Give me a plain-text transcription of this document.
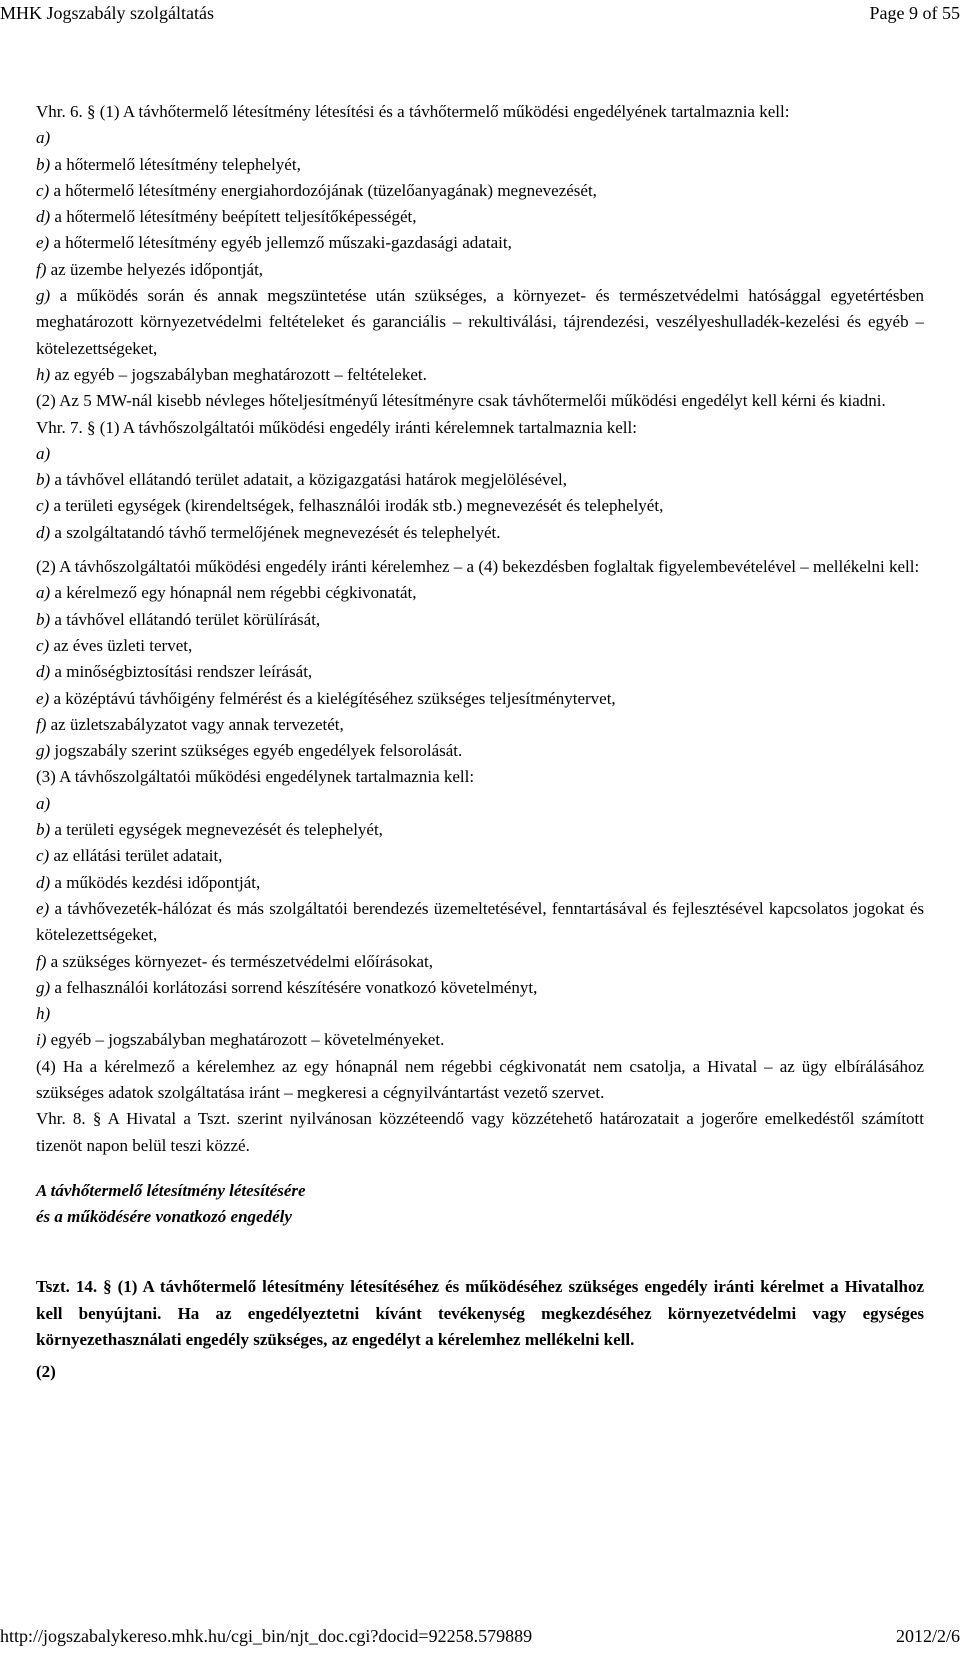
MHK Jogszabály szolgáltatás	Page 9 of 55

Vhr. 6. § (1) A távhőtermelő létesítmény létesítési és a távhőtermelő működési engedélyének tartalmaznia kell:

a)

b) a hőtermelő létesítmény telephelyét,

c) a hőtermelő létesítmény energiahordozójának (tüzelőanyagának) megnevezését,

d) a hőtermelő létesítmény beépített teljesítőképességét,

e) a hőtermelő létesítmény egyéb jellemző műszaki-gazdasági adatait,

f) az üzembe helyezés időpontját,

g) a működés során és annak megszüntetése után szükséges, a környezet- és természetvédelmi hatósággal egyetértésben meghatározott környezetvédelmi feltételeket és garanciális – rekultiválási, tájrendezési, veszélyeshulladék-kezelési és egyéb – kötelezettségeket,

h) az egyéb – jogszabályban meghatározott – feltételeket.

(2) Az 5 MW-nál kisebb névleges hőteljesítményű létesítményre csak távhőtermelői működési engedélyt kell kérni és kiadni.

Vhr. 7. § (1) A távhőszolgáltatói működési engedély iránti kérelemnek tartalmaznia kell:

a)

b) a távhővel ellátandó terület adatait, a közigazgatási határok megjelölésével,

c) a területi egységek (kirendeltségek, felhasználói irodák stb.) megnevezését és telephelyét,

d) a szolgáltatandó távhő termelőjének megnevezését és telephelyét.

(2) A távhőszolgáltatói működési engedély iránti kérelemhez – a (4) bekezdésben foglaltak figyelembevételével – mellékelni kell:

a) a kérelmező egy hónapnál nem régebbi cégkivonatát,

b) a távhővel ellátandó terület körülírását,

c) az éves üzleti tervet,

d) a minőségbiztosítási rendszer leírását,

e) a középtávú távhőigény felmérést és a kielégítéséhez szükséges teljesítménytervet,

f) az üzletszabályzatot vagy annak tervezetét,

g) jogszabály szerint szükséges egyéb engedélyek felsorolását.

(3) A távhőszolgáltatói működési engedélynek tartalmaznia kell:

a)

b) a területi egységek megnevezését és telephelyét,

c) az ellátási terület adatait,

d) a működés kezdési időpontját,

e) a távhővezeték-hálózat és más szolgáltatói berendezés üzemeltetésével, fenntartásával és fejlesztésével kapcsolatos jogokat és kötelezettségeket,

f) a szükséges környezet- és természetvédelmi előírásokat,

g) a felhasználói korlátozási sorrend készítésére vonatkozó követelményt,

h)

i) egyéb – jogszabályban meghatározott – követelményeket.

(4) Ha a kérelmező a kérelemhez az egy hónapnál nem régebbi cégkivonatát nem csatolja, a Hivatal – az ügy elbírálásához szükséges adatok szolgáltatása iránt – megkeresi a cégnyilvántartást vezető szervet.

Vhr. 8. § A Hivatal a Tszt. szerint nyilvánosan közzéteendő vagy közzétehető határozatait a jogerőre emelkedéstől számított tizenöt napon belül teszi közzé.

A távhőtermelő létesítmény létesítésére

és a működésére vonatkozó engedély

Tszt. 14. § (1) A távhőtermelő létesítmény létesítéséhez és működéséhez szükséges engedély iránti kérelmet a Hivatalhoz kell benyújtani. Ha az engedélyeztetni kívánt tevékenység megkezdéséhez környezetvédelmi vagy egységes környezethasználati engedély szükséges, az engedélyt a kérelemhez mellékelni kell.

(2)

http://jogszabalykereso.mhk.hu/cgi_bin/njt_doc.cgi?docid=92258.579889	2012/2/6
